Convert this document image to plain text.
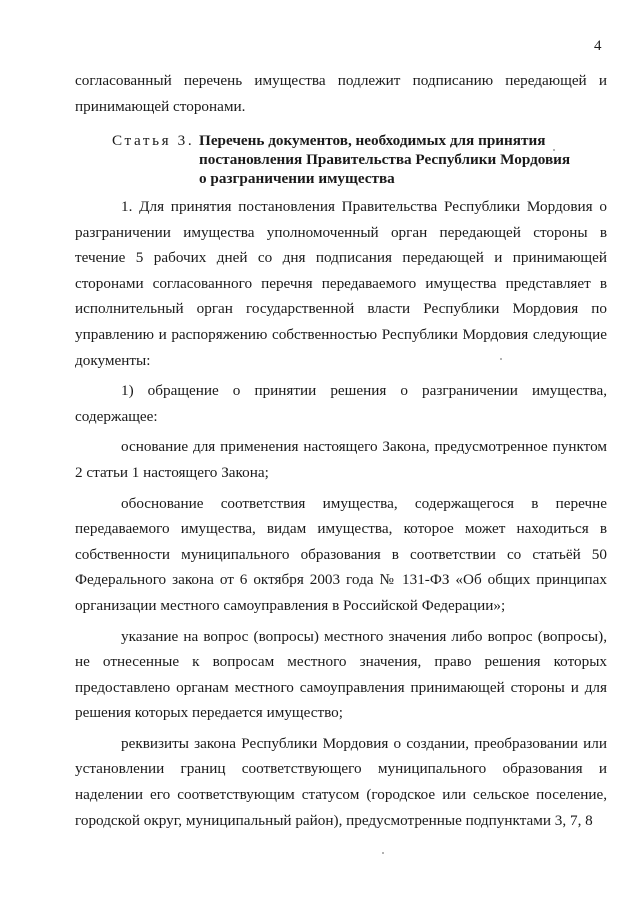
4

согласованный перечень имущества подлежит подписанию передающей и

принимающей сторонами.

Статья 3. Перечень документов, необходимых для принятия
постановления Правительства Республики Мордовия
о разграничении имущества

1. Для принятия постановления Правительства Республики Мордовия о разграничении имущества уполномоченный орган передающей стороны в течение 5 рабочих дней со дня подписания передающей и принимающей сторонами согласованного перечня передаваемого имущества представляет в исполнительный орган государственной власти Республики Мордовия по управлению и распоряжению собственностью Республики Мордовия следующие документы:

1) обращение о принятии решения о разграничении имущества, содержащее:

основание для применения настоящего Закона, предусмотренное пунктом 2 статьи 1 настоящего Закона;

обоснование соответствия имущества, содержащегося в перечне передаваемого имущества, видам имущества, которое может находиться в собственности муниципального образования в соответствии со статьёй 50 Федерального закона от 6 октября 2003 года № 131-ФЗ «Об общих принципах организации местного самоуправления в Российской Федерации»;

указание на вопрос (вопросы) местного значения либо вопрос (вопросы), не отнесенные к вопросам местного значения, право решения которых предоставлено органам местного самоуправления принимающей стороны и для решения которых передается имущество;

реквизиты закона Республики Мордовия о создании, преобразовании или установлении границ соответствующего муниципального образования и наделении его соответствующим статусом (городское или сельское поселение, городской округ, муниципальный район), предусмотренные подпунктами 3, 7, 8
